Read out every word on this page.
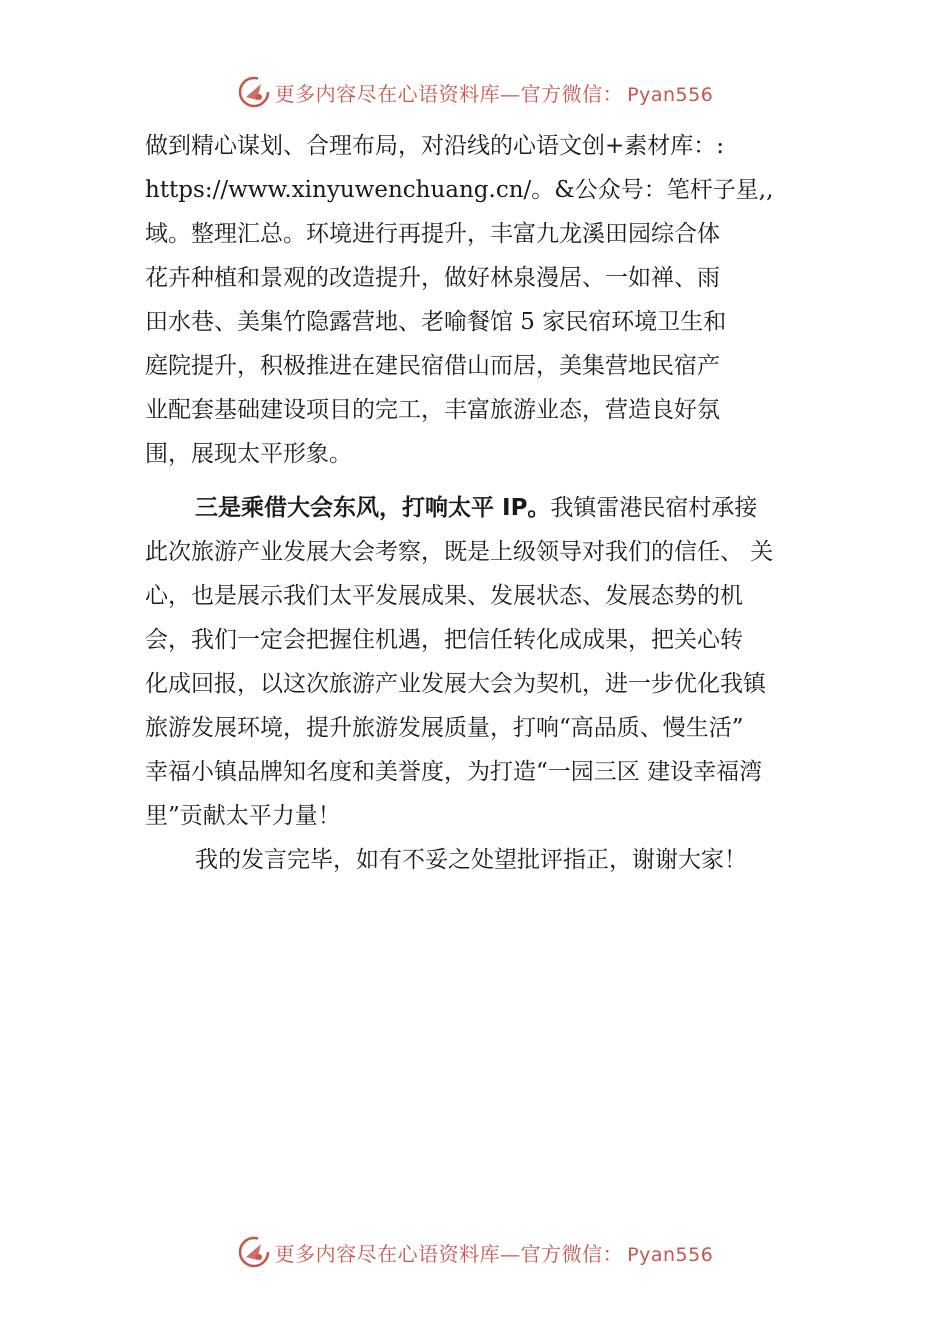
更多内容尽在心语资料库—官方微信： Pyan556

做到精心谋划、合理布局，对沿线的心语文创+素材库：:

https://www.xinyuwenchuang.cn/。&公众号：笔杆子星,,

域。整理汇总。环境进行再提升，丰富九龙溪田园综合体

花卉种植和景观的改造提升，做好林泉漫居、一如禅、雨

田水巷、美集竹隐露营地、老喻餐馆 5 家民宿环境卫生和

庭院提升，积极推进在建民宿借山而居，美集营地民宿产

业配套基础建设项目的完工，丰富旅游业态，营造良好氛

围，展现太平形象。

三是乘借大会东风，打响太平 IP。我镇雷港民宿村承接

此次旅游产业发展大会考察，既是上级领导对我们的信任、 关

心，也是展示我们太平发展成果、发展状态、发展态势的机

会，我们一定会把握住机遇，把信任转化成成果，把关心转

化成回报，以这次旅游产业发展大会为契机，进一步优化我镇

旅游发展环境，提升旅游发展质量，打响“高品质、慢生活”

幸福小镇品牌知名度和美誉度，为打造“一园三区 建设幸福湾

里”贡献太平力量！

我的发言完毕，如有不妥之处望批评指正，谢谢大家！

更多内容尽在心语资料库—官方微信： Pyan556
